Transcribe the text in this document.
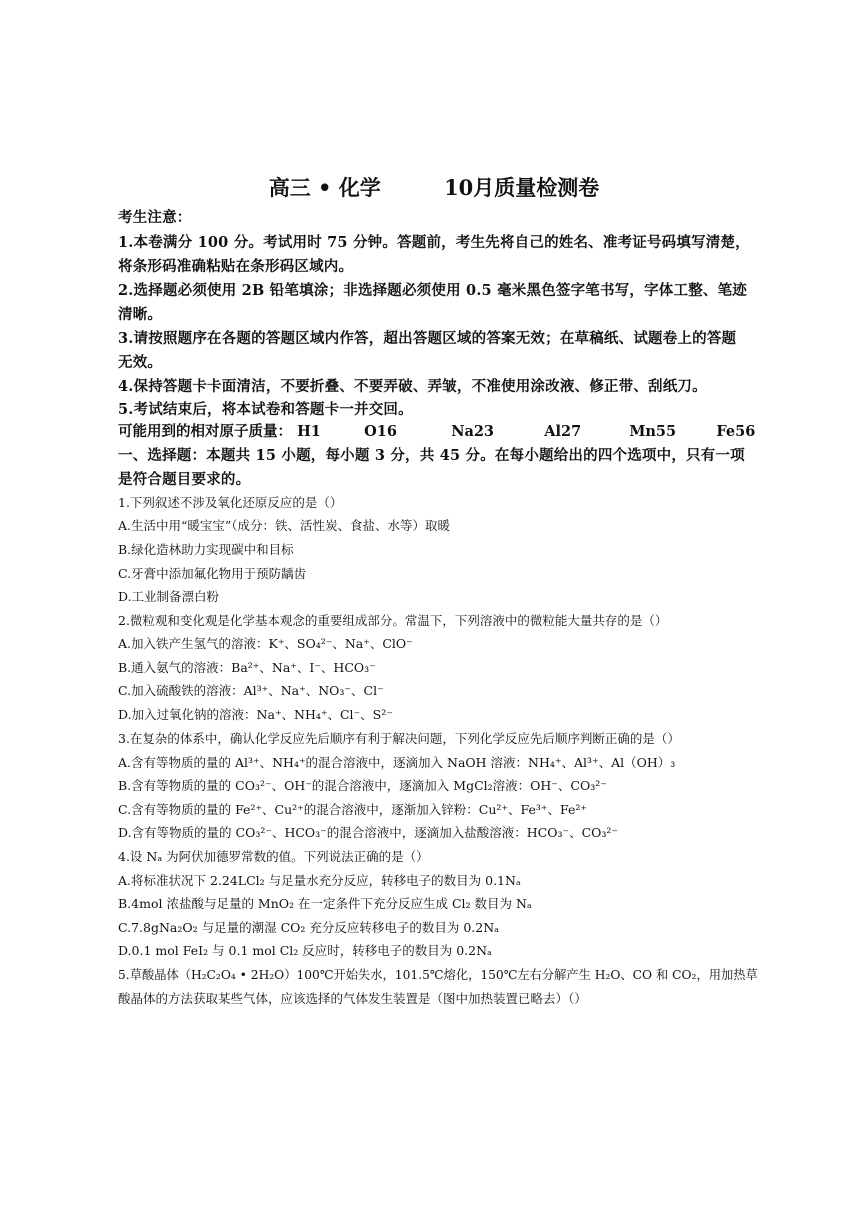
高三 • 化学	10月质量检测卷
考生注意：
1.本卷满分 100 分。考试用时 75 分钟。答题前，考生先将自己的姓名、准考证号码填写清楚，
将条形码准确粘贴在条形码区域内。
2.选择题必须使用 2B 铅笔填涂；非选择题必须使用 0.5 毫米黑色签字笔书写，字体工整、笔迹
清晰。
3.请按照题序在各题的答题区域内作答，超出答题区域的答案无效；在草稿纸、试题卷上的答题
无效。
4.保持答题卡卡面清洁，不要折叠、不要弄破、弄皱，不准使用涂改液、修正带、刮纸刀。
5.考试结束后，将本试卷和答题卡一并交回。
可能用到的相对原子质量： H1	O16	Na23	Al27	Mn55	Fe56
一、选择题：本题共 15 小题，每小题 3 分，共 45 分。在每小题给出的四个选项中，只有一项
是符合题目要求的。
1.下列叙述不涉及氧化还原反应的是（）
A.生活中用“暖宝宝”（成分：铁、活性炭、食盐、水等）取暖
B.绿化造林助力实现碳中和目标
C.牙膏中添加氟化物用于预防龋齿
D.工业制备漂白粉
2.微粒观和变化观是化学基本观念的重要组成部分。常温下，下列溶液中的微粒能大量共存的是（）
A.加入铁产生氢气的溶液：K⁺、SO₄²⁻、Na⁺、ClO⁻
B.通入氨气的溶液：Ba²⁺、Na⁺、I⁻、HCO₃⁻
C.加入硫酸铁的溶液：Al³⁺、Na⁺、NO₃⁻、Cl⁻
D.加入过氧化钠的溶液：Na⁺、NH₄⁺、Cl⁻、S²⁻
3.在复杂的体系中，确认化学反应先后顺序有利于解决问题，下列化学反应先后顺序判断正确的是（）
A.含有等物质的量的 Al³⁺、NH₄⁺的混合溶液中，逐滴加入 NaOH 溶液：NH₄⁺、Al³⁺、Al（OH）₃
B.含有等物质的量的 CO₃²⁻、OH⁻的混合溶液中，逐滴加入 MgCl₂溶液：OH⁻、CO₃²⁻
C.含有等物质的量的 Fe²⁺、Cu²⁺的混合溶液中，逐渐加入锌粉：Cu²⁺、Fe³⁺、Fe²⁺
D.含有等物质的量的 CO₃²⁻、HCO₃⁻的混合溶液中，逐滴加入盐酸溶液：HCO₃⁻、CO₃²⁻
4.设 Nₐ 为阿伏加德罗常数的值。下列说法正确的是（）
A.将标准状况下 2.24LCl₂ 与足量水充分反应，转移电子的数目为 0.1Nₐ
B.4mol 浓盐酸与足量的 MnO₂ 在一定条件下充分反应生成 Cl₂ 数目为 Nₐ
C.7.8gNa₂O₂ 与足量的潮湿 CO₂ 充分反应转移电子的数目为 0.2Nₐ
D.0.1 mol FeI₂ 与 0.1 mol Cl₂ 反应时，转移电子的数目为 0.2Nₐ
5.草酸晶体（H₂C₂O₄ • 2H₂O）100℃开始失水，101.5℃熔化，150℃左右分解产生 H₂O、CO 和 CO₂，用加热草
酸晶体的方法获取某些气体，应该选择的气体发生装置是（图中加热装置已略去）（）
